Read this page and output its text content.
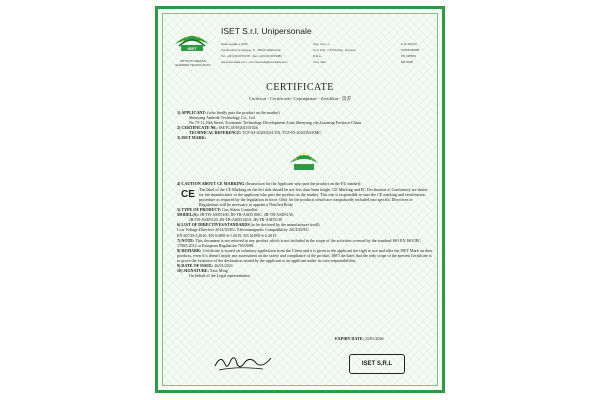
ISET
ISTITUTO SERVIZI
EUROPEI TECNOLOGICI
ISET S.r.l. Unipersonale
Sede Legale e Uffici	Cap. soc. i.v.	€ 10.150,00
Via Donatori di sangue, 9 - 35010 Villafranca	Cod. Fisc. e P.IVA Reg. Imprese	01915690285
Tel. +39 049 9070178 - Fax +39 049 9070380	R.E.A.	PD 195553
www.iset-italia.com - commerciale@iset-italia.com	Cod. iden.	NB 0098
CERTIFICATE
Certificat - Certificado- Сертификат - Zertifikat - 證書

1) APPLICANT: (who finally puts the product on the market)

Shenyang Amhede Technology Co., Ltd

No.75-11,16th Street, Economic Technology Development Zone,Shenyang city,Liaoning Province,China

2) CERTIFICATE N0.: ISETC.0019202101026

TECHNICAL REFERENCE: TCF-03-2020354-LVD, TCF-03-2020354-EMC

3) ISET MARK:

4) CAUTION ABOUT CE MARKING (Instruction for the Applicant who puts the product on the EU market):

CE The label of the CE Marking on the left side should be not less than 5mm height. CE Marking and EC Declaration of Conformity are duties for the manufacturer or the applicant who puts the product on the market. This one is responsible to start the CE marking and certification procedure as required by the legislation in force. Only for the products which are compulsorily included into specific Directives or Regulations will be necessary to appoint a Notified Body.

5) TYPE OF PRODUCT: Gas Alarm Controller

MODEL(S): JB-TB-ASD5100, JB-TB-ASD5100C, JB-TB-ASD5150,

JB-TB-ASD5120, JB-TB-ASD5120A, JB-TB-ASD5130

6) LIST OF DIRECTIVES/STANDARDS (to be declared by the manufacturer itself)

Low Voltage Directive 2014/35/EU, Electromagnetic Compatibility 2014/30/EU

EN 60730-2:2016, EN 61000-6-1:2019, EN 61000-6-2:2019

7) NOTE: This document is not referred to any product which is not included in the scope of the activities covered by the standard ISO EN ISO/IEC 17065:2012 or European Regulation 765/2008.

8) REMARK: Certificate is issued on voluntary application from the Client and it is given to the applicant the right to use and affix the ISET Mark on their products, even if it doesn't imply any assessment on the safety and compliance of the product. ISET declares that the only scope of the present Certificate is to prove the existence of the declaration issued by the applicant or an applicant under its own responsibilities.

9) DATE OF ISSUE: 26/01/2021

10) SIGNATURE: Xiao Ming

On behalf of the Legal representative

EXPIRY DATE: 25/01/2026
ISET S.R.L
